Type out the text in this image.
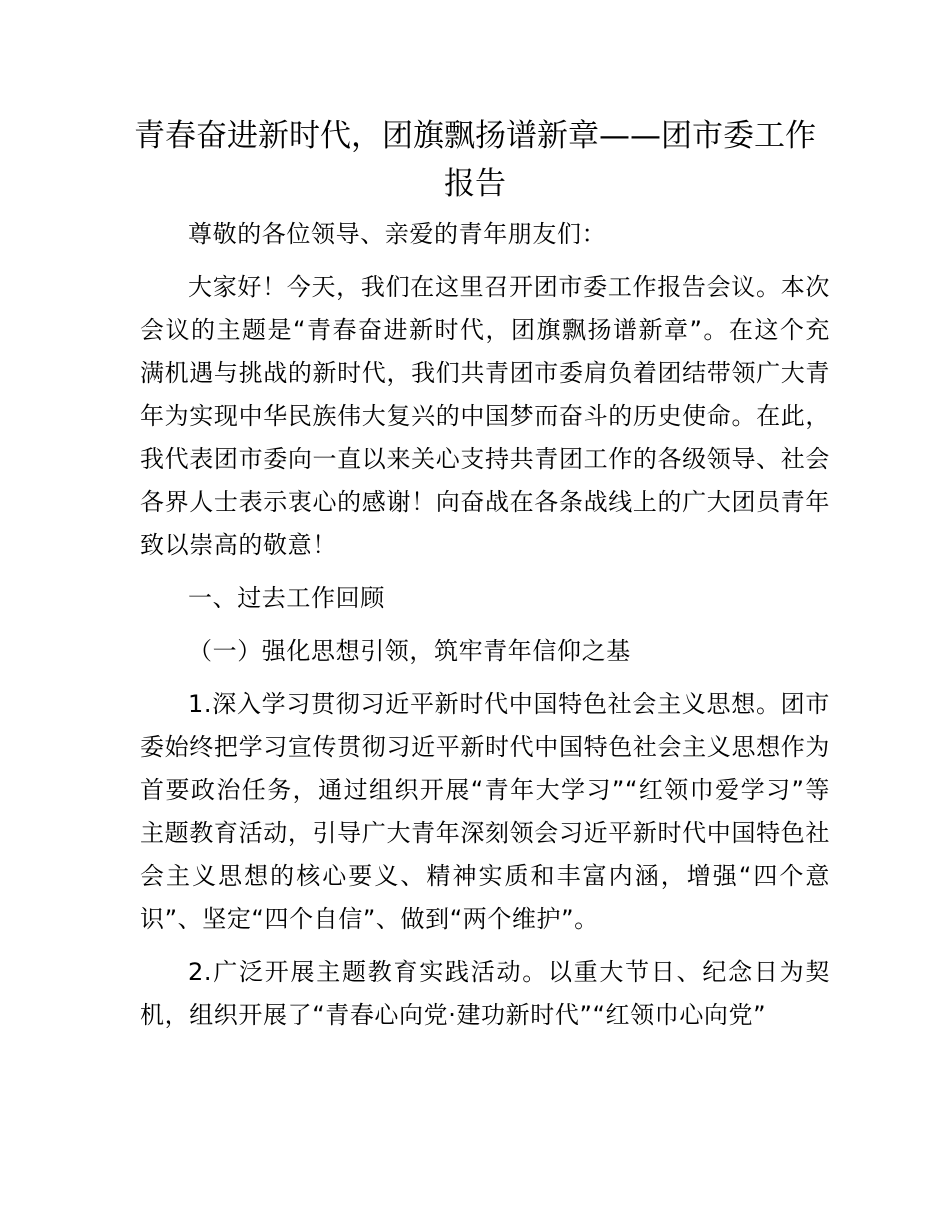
青春奋进新时代，团旗飘扬谱新章——团市委工作报告

尊敬的各位领导、亲爱的青年朋友们：

大家好！今天，我们在这里召开团市委工作报告会议。本次会议的主题是“青春奋进新时代，团旗飘扬谱新章”。在这个充满机遇与挑战的新时代，我们共青团市委肩负着团结带领广大青年为实现中华民族伟大复兴的中国梦而奋斗的历史使命。在此，我代表团市委向一直以来关心支持共青团工作的各级领导、社会各界人士表示衷心的感谢！向奋战在各条战线上的广大团员青年致以崇高的敬意！

一、过去工作回顾

（一）强化思想引领，筑牢青年信仰之基

1.深入学习贯彻习近平新时代中国特色社会主义思想。团市委始终把学习宣传贯彻习近平新时代中国特色社会主义思想作为首要政治任务，通过组织开展“青年大学习”“红领巾爱学习”等主题教育活动，引导广大青年深刻领会习近平新时代中国特色社会主义思想的核心要义、精神实质和丰富内涵，增强“四个意识”、坚定“四个自信”、做到“两个维护”。

2.广泛开展主题教育实践活动。以重大节日、纪念日为契机，组织开展了“青春心向党·建功新时代”“红领巾心向党”
